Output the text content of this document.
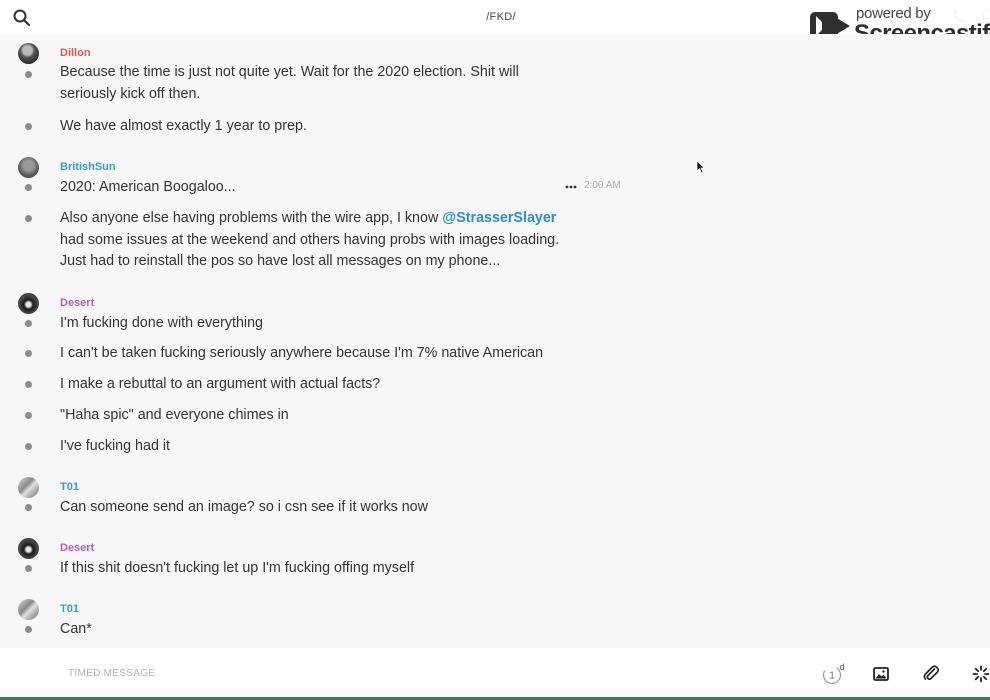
/FKD/	powered by
Dillon
Because the time is just not quite yet. Wait for the 2020 election. Shit will seriously kick off then.
We have almost exactly 1 year to prep.
BritishSun
2020: American Boogaloo...	2:00 AM
Also anyone else having problems with the wire app, I know @StrasserSlayer had some issues at the weekend and others having probs with images loading. Just had to reinstall the pos so have lost all messages on my phone...
Desert
I'm fucking done with everything
I can't be taken fucking seriously anywhere because I'm 7% native American
I make a rebuttal to an argument with actual facts?
"Haha spic" and everyone chimes in
I've fucking had it
T01
Can someone send an image? so i csn see if it works now
Desert
If this shit doesn't fucking let up I'm fucking offing myself
T01
Can*
TIMED MESSAGE	1
d
